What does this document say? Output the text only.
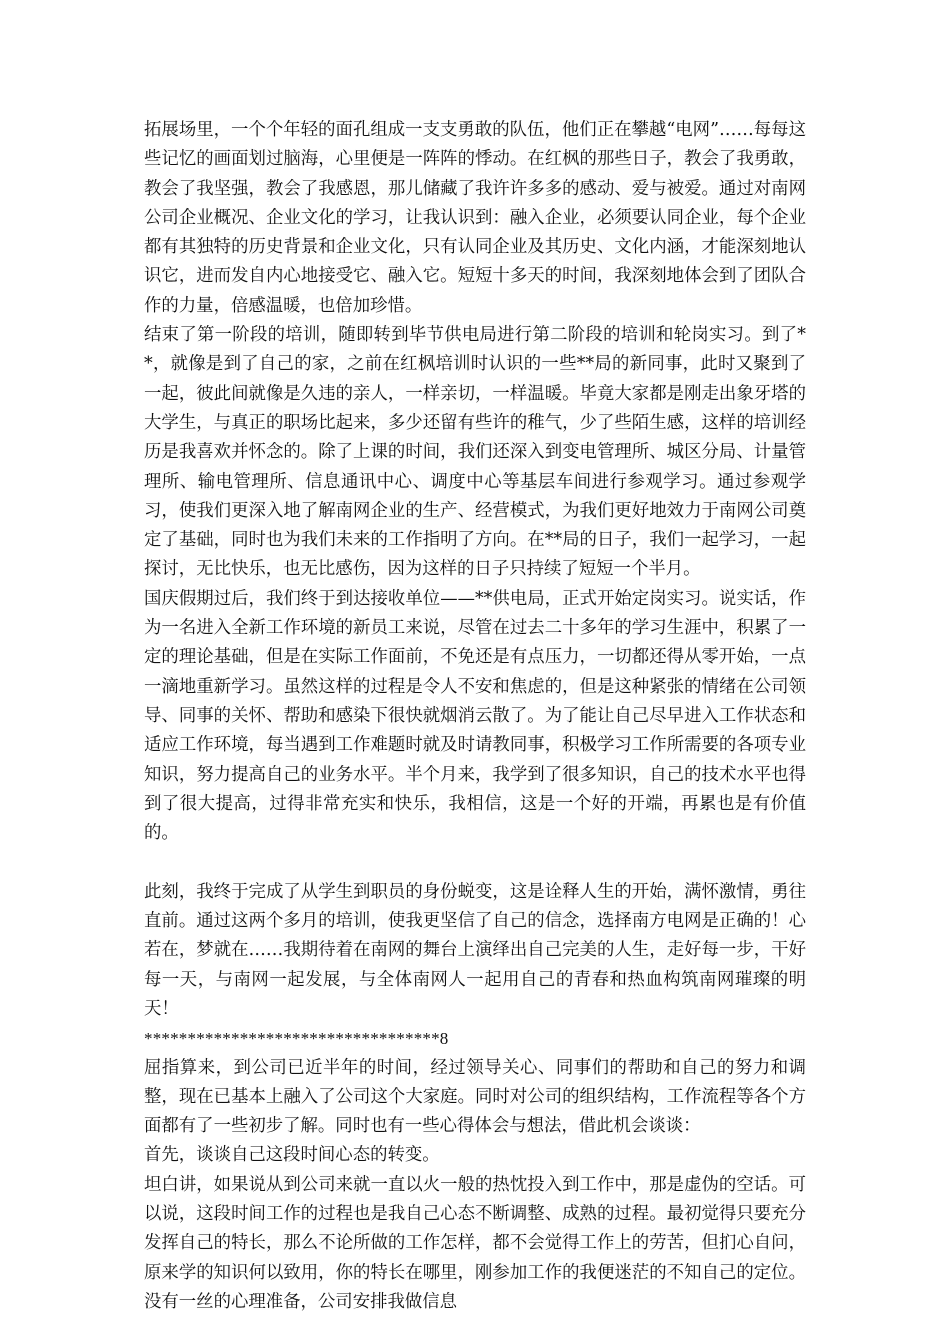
拓展场里，一个个年轻的面孔组成一支支勇敢的队伍，他们正在攀越“电网”……每每这些记忆的画面划过脑海，心里便是一阵阵的悸动。在红枫的那些日子，教会了我勇敢，教会了我坚强，教会了我感恩，那儿储藏了我许许多多的感动、爱与被爱。通过对南网公司企业概况、企业文化的学习，让我认识到：融入企业，必须要认同企业，每个企业都有其独特的历史背景和企业文化，只有认同企业及其历史、文化内涵，才能深刻地认识它，进而发自内心地接受它、融入它。短短十多天的时间，我深刻地体会到了团队合作的力量，倍感温暖，也倍加珍惜。

结束了第一阶段的培训，随即转到毕节供电局进行第二阶段的培训和轮岗实习。到了**，就像是到了自己的家，之前在红枫培训时认识的一些**局的新同事，此时又聚到了一起，彼此间就像是久违的亲人，一样亲切，一样温暖。毕竟大家都是刚走出象牙塔的大学生，与真正的职场比起来，多少还留有些许的稚气，少了些陌生感，这样的培训经历是我喜欢并怀念的。除了上课的时间，我们还深入到变电管理所、城区分局、计量管理所、输电管理所、信息通讯中心、调度中心等基层车间进行参观学习。通过参观学习，使我们更深入地了解南网企业的生产、经营模式，为我们更好地效力于南网公司奠定了基础，同时也为我们未来的工作指明了方向。在**局的日子，我们一起学习，一起探讨，无比快乐，也无比感伤，因为这样的日子只持续了短短一个半月。

国庆假期过后，我们终于到达接收单位——**供电局，正式开始定岗实习。说实话，作为一名进入全新工作环境的新员工来说，尽管在过去二十多年的学习生涯中，积累了一定的理论基础，但是在实际工作面前，不免还是有点压力，一切都还得从零开始，一点一滴地重新学习。虽然这样的过程是令人不安和焦虑的，但是这种紧张的情绪在公司领导、同事的关怀、帮助和感染下很快就烟消云散了。为了能让自己尽早进入工作状态和适应工作环境，每当遇到工作难题时就及时请教同事，积极学习工作所需要的各项专业知识，努力提高自己的业务水平。半个月来，我学到了很多知识，自己的技术水平也得到了很大提高，过得非常充实和快乐，我相信，这是一个好的开端，再累也是有价值的。

此刻，我终于完成了从学生到职员的身份蜕变，这是诠释人生的开始，满怀激情，勇往直前。通过这两个多月的培训，使我更坚信了自己的信念，选择南方电网是正确的！心若在，梦就在……我期待着在南网的舞台上演绎出自己完美的人生，走好每一步，干好每一天，与南网一起发展，与全体南网人一起用自己的青春和热血构筑南网璀璨的明天！

**********************************8

屈指算来，到公司已近半年的时间，经过领导关心、同事们的帮助和自己的努力和调整，现在已基本上融入了公司这个大家庭。同时对公司的组织结构，工作流程等各个方面都有了一些初步了解。同时也有一些心得体会与想法，借此机会谈谈：

首先，谈谈自己这段时间心态的转变。

坦白讲，如果说从到公司来就一直以火一般的热忱投入到工作中，那是虚伪的空话。可以说，这段时间工作的过程也是我自己心态不断调整、成熟的过程。最初觉得只要充分发挥自己的特长，那么不论所做的工作怎样，都不会觉得工作上的劳苦，但扪心自问，原来学的知识何以致用，你的特长在哪里，刚参加工作的我便迷茫的不知自己的定位。没有一丝的心理准备，公司安排我做信息
